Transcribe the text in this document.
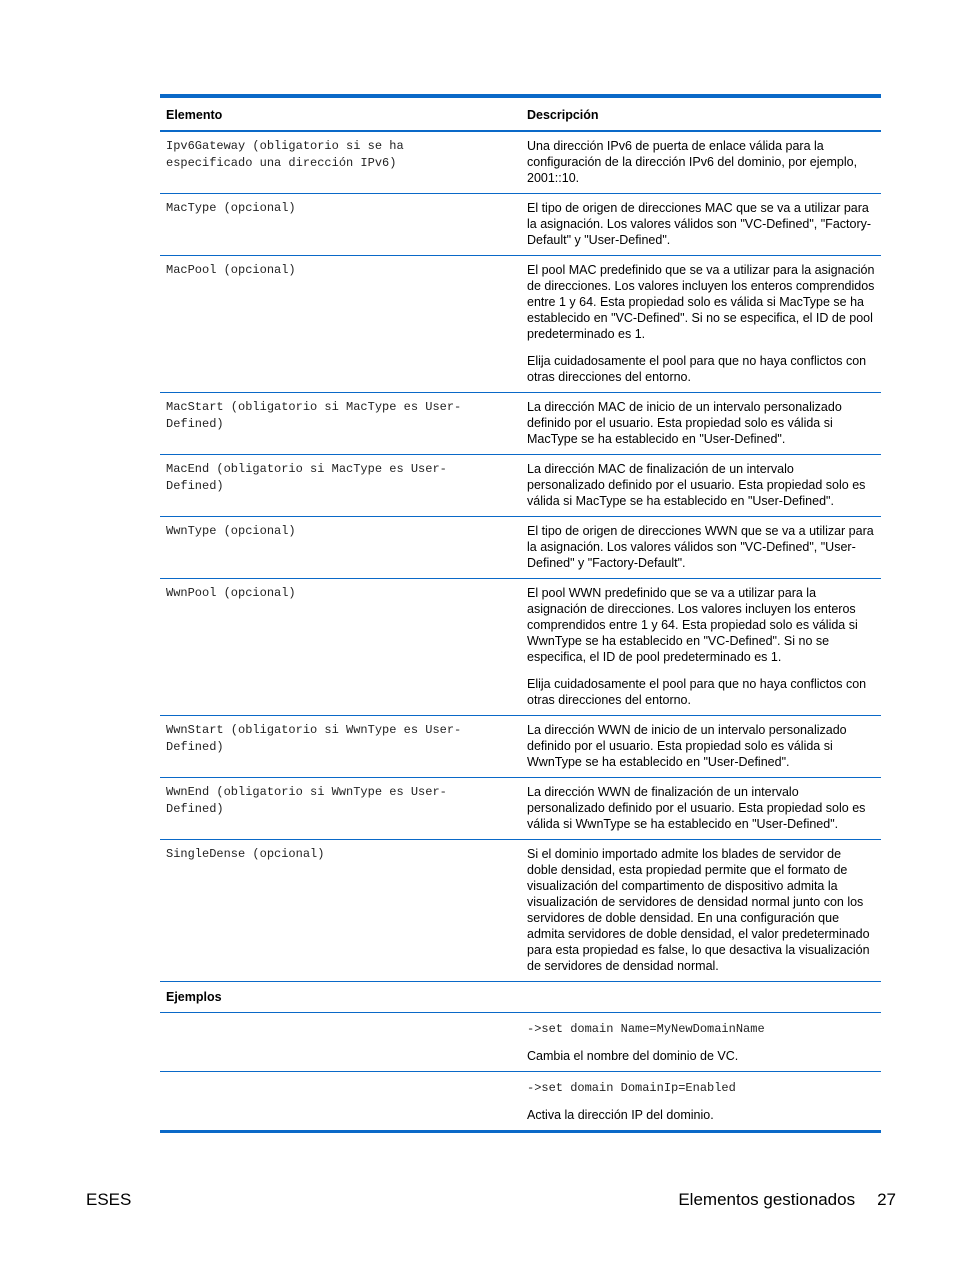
Elemento	Descripción
Ipv6Gateway (obligatorio si se ha especificado una dirección IPv6)	Una dirección IPv6 de puerta de enlace válida para la configuración de la dirección IPv6 del dominio, por ejemplo, 2001::10.

MacType (opcional)	El tipo de origen de direcciones MAC que se va a utilizar para la asignación. Los valores válidos son "VC-Defined", "Factory-Default" y "User-Defined".

MacPool (opcional)	El pool MAC predefinido que se va a utilizar para la asignación de direcciones. Los valores incluyen los enteros comprendidos entre 1 y 64. Esta propiedad solo es válida si MacType se ha establecido en "VC-Defined". Si no se especifica, el ID de pool predeterminado es 1.

Elija cuidadosamente el pool para que no haya conflictos con otras direcciones del entorno.

MacStart (obligatorio si MacType es User-Defined)	La dirección MAC de inicio de un intervalo personalizado definido por el usuario. Esta propiedad solo es válida si MacType se ha establecido en "User-Defined".

MacEnd (obligatorio si MacType es User-Defined)	La dirección MAC de finalización de un intervalo personalizado definido por el usuario. Esta propiedad solo es válida si MacType se ha establecido en "User-Defined".

WwnType (opcional)	El tipo de origen de direcciones WWN que se va a utilizar para la asignación. Los valores válidos son "VC-Defined", "User-Defined" y "Factory-Default".

WwnPool (opcional)	El pool WWN predefinido que se va a utilizar para la asignación de direcciones. Los valores incluyen los enteros comprendidos entre 1 y 64. Esta propiedad solo es válida si WwnType se ha establecido en "VC-Defined". Si no se especifica, el ID de pool predeterminado es 1.

Elija cuidadosamente el pool para que no haya conflictos con otras direcciones del entorno.

WwnStart (obligatorio si WwnType es User-Defined)	La dirección WWN de inicio de un intervalo personalizado definido por el usuario. Esta propiedad solo es válida si WwnType se ha establecido en "User-Defined".

WwnEnd (obligatorio si WwnType es User-Defined)	La dirección WWN de finalización de un intervalo personalizado definido por el usuario. Esta propiedad solo es válida si WwnType se ha establecido en "User-Defined".

SingleDense (opcional)	Si el dominio importado admite los blades de servidor de doble densidad, esta propiedad permite que el formato de visualización del compartimento de dispositivo admita la visualización de servidores de densidad normal junto con los servidores de doble densidad. En una configuración que admita servidores de doble densidad, el valor predeterminado para esta propiedad es false, lo que desactiva la visualización de servidores de densidad normal.

Ejemplos	

	->set domain Name=MyNewDomainName

Cambia el nombre del dominio de VC.

	->set domain DomainIp=Enabled

Activa la dirección IP del dominio.

ESES	Elementos gestionados 27
